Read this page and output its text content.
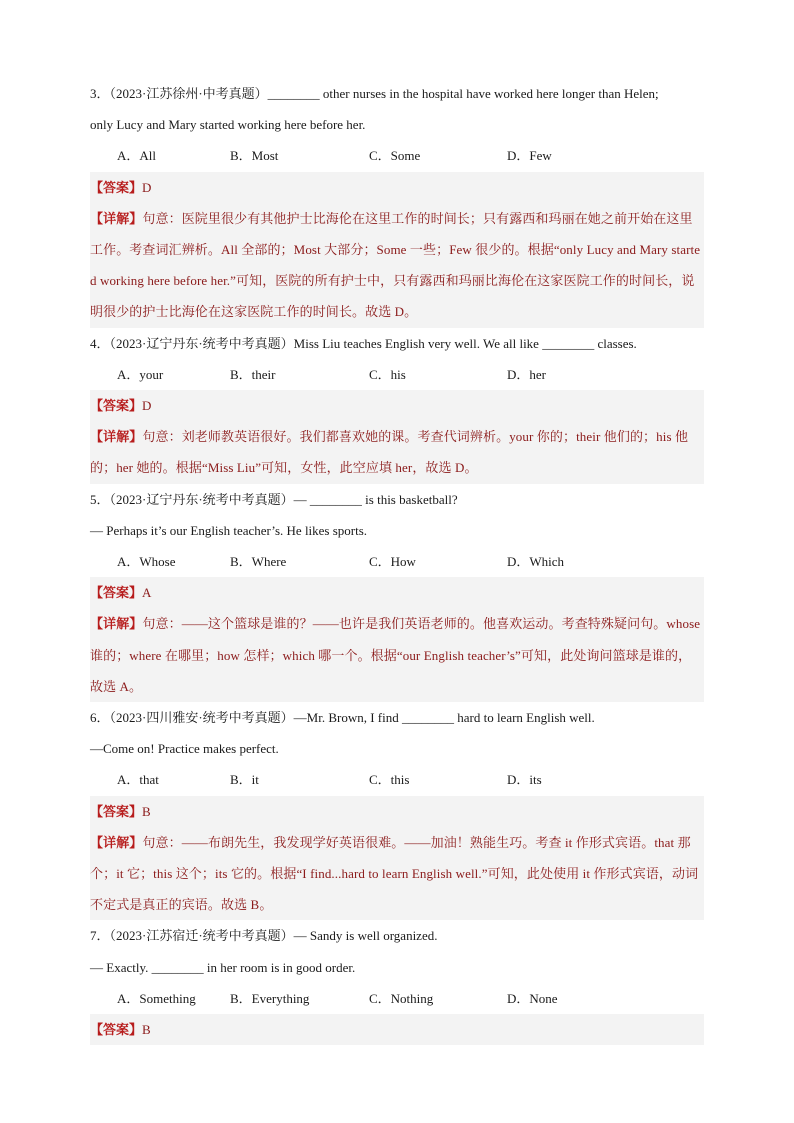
3．（2023·江苏徐州·中考真题）________ other nurses in the hospital have worked here longer than Helen;

only Lucy and Mary started working here before her.

A．All	B．Most	C．Some	D．Few

【答案】D

【详解】句意：医院里很少有其他护士比海伦在这里工作的时间长；只有露西和玛丽在她之前开始在这里工作。考查词汇辨析。All 全部的；Most 大部分；Some 一些；Few 很少的。根据“only Lucy and Mary started working here before her.”可知，医院的所有护士中，只有露西和玛丽比海伦在这家医院工作的时间长，说明很少的护士比海伦在这家医院工作的时间长。故选 D。

4．（2023·辽宁丹东·统考中考真题）Miss Liu teaches English very well. We all like ________ classes.

A．your	B．their	C．his	D．her

【答案】D

【详解】句意：刘老师教英语很好。我们都喜欢她的课。考查代词辨析。your 你的；their 他们的；his 他的；her 她的。根据“Miss Liu”可知，女性，此空应填 her，故选 D。

5．（2023·辽宁丹东·统考中考真题）— ________ is this basketball?

— Perhaps it’s our English teacher’s. He likes sports.

A．Whose	B．Where	C．How	D．Which

【答案】A

【详解】句意：——这个篮球是谁的？——也许是我们英语老师的。他喜欢运动。考查特殊疑问句。whose 谁的；where 在哪里；how 怎样；which 哪一个。根据“our English teacher’s”可知，此处询问篮球是谁的，故选 A。

6．（2023·四川雅安·统考中考真题）—Mr. Brown, I find ________ hard to learn English well.

—Come on! Practice makes perfect.

A．that	B．it	C．this	D．its

【答案】B

【详解】句意：——布朗先生，我发现学好英语很难。——加油！熟能生巧。考查 it 作形式宾语。that 那个；it 它；this 这个；its 它的。根据“I find...hard to learn English well.”可知，此处使用 it 作形式宾语，动词不定式是真正的宾语。故选 B。

7．（2023·江苏宿迁·统考中考真题）— Sandy is well organized.

— Exactly. ________ in her room is in good order.

A．Something	B．Everything	C．Nothing	D．None

【答案】B
